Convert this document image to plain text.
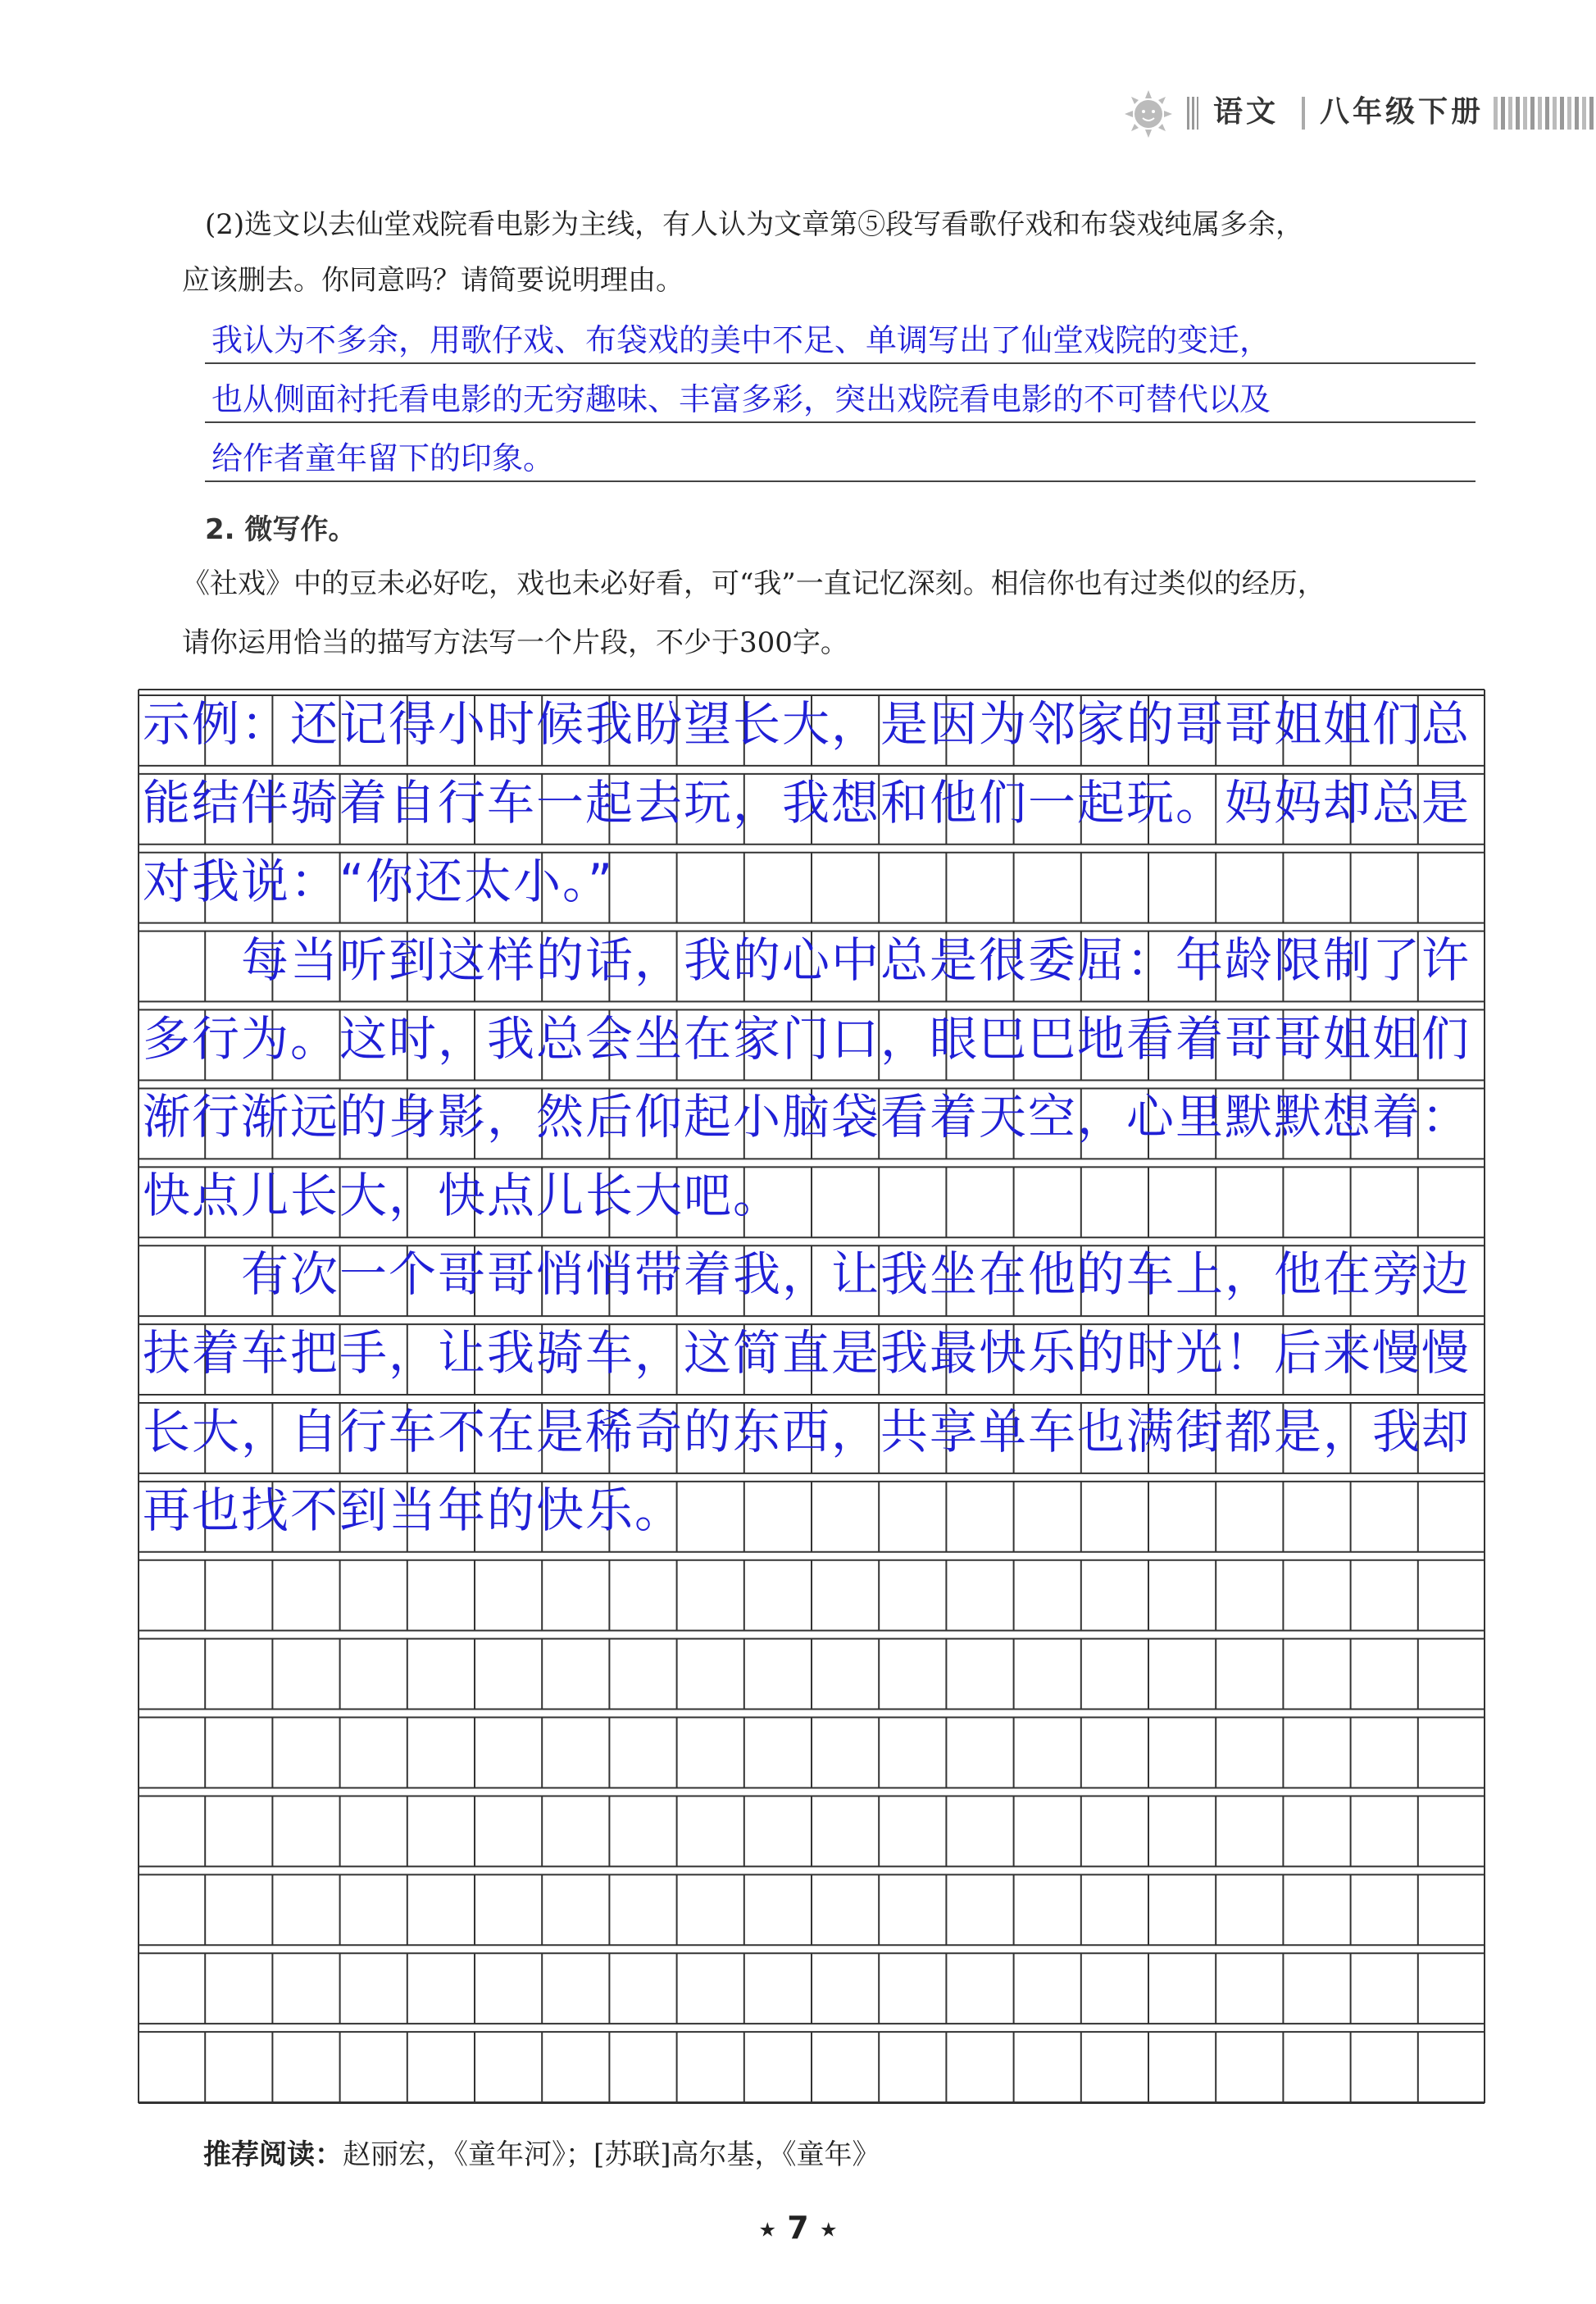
语文 八年级下册
(2)选文以去仙堂戏院看电影为主线，有人认为文章第⑤段写看歌仔戏和布袋戏纯属多余，
应该删去。你同意吗？请简要说明理由。
我认为不多余，用歌仔戏、布袋戏的美中不足、单调写出了仙堂戏院的变迁，
也从侧面衬托看电影的无穷趣味、丰富多彩，突出戏院看电影的不可替代以及
给作者童年留下的印象。
2. 微写作。
《社戏》中的豆未必好吃，戏也未必好看，可“我”一直记忆深刻。相信你也有过类似的经历，
请你运用恰当的描写方法写一个片段，不少于300字。
示例：还记得小时候我盼望长大，是因为邻家的哥哥姐姐们总
能结伴骑着自行车一起去玩，我想和他们一起玩。妈妈却总是
对我说：“你还太小。”
　　每当听到这样的话，我的心中总是很委屈：年龄限制了许
多行为。这时，我总会坐在家门口，眼巴巴地看着哥哥姐姐们
渐行渐远的身影，然后仰起小脑袋看着天空，心里默默想着：
快点儿长大，快点儿长大吧。
　　有次一个哥哥悄悄带着我，让我坐在他的车上，他在旁边
扶着车把手，让我骑车，这简直是我最快乐的时光！后来慢慢
长大，自行车不在是稀奇的东西，共享单车也满街都是，我却
再也找不到当年的快乐。
推荐阅读：赵丽宏，《童年河》；[苏联]高尔基，《童年》
★ 7 ★
